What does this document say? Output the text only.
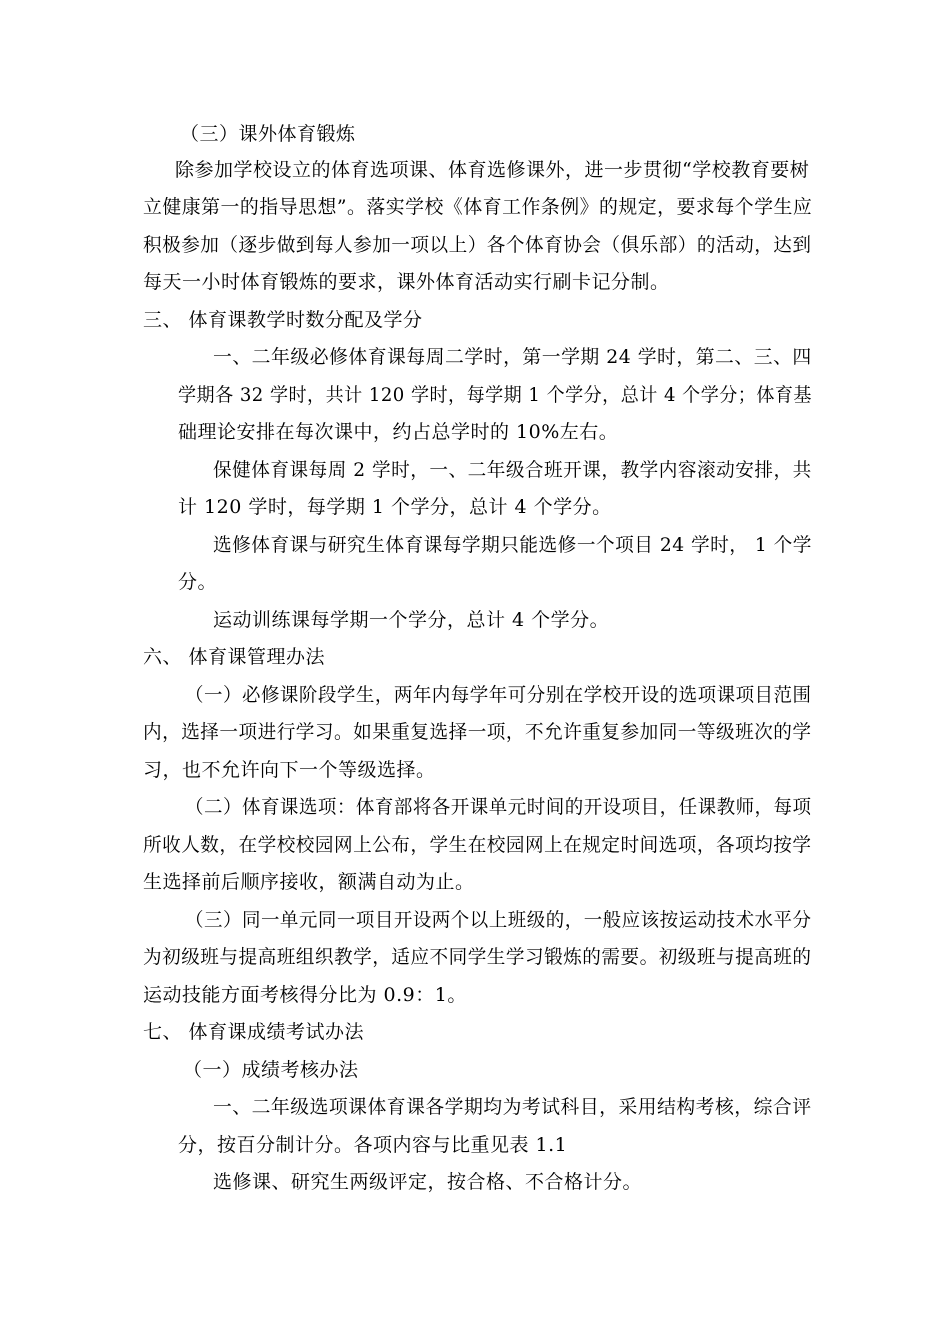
（三）课外体育锻炼
除参加学校设立的体育选项课、体育选修课外，进一步贯彻“学校教育要树
立健康第一的指导思想”。落实学校《体育工作条例》的规定，要求每个学生应
积极参加（逐步做到每人参加一项以上）各个体育协会（俱乐部）的活动，达到
每天一小时体育锻炼的要求，课外体育活动实行刷卡记分制。
三、 体育课教学时数分配及学分
一、二年级必修体育课每周二学时，第一学期 24 学时，第二、三、四
学期各 32 学时，共计 120 学时，每学期 1 个学分，总计 4 个学分；体育基
础理论安排在每次课中，约占总学时的 10%左右。
保健体育课每周 2 学时，一、二年级合班开课，教学内容滚动安排，共
计 120 学时，每学期 1 个学分，总计 4 个学分。
选修体育课与研究生体育课每学期只能选修一个项目 24 学时， 1 个学
分。
运动训练课每学期一个学分，总计 4 个学分。
六、 体育课管理办法
（一）必修课阶段学生，两年内每学年可分别在学校开设的选项课项目范围
内，选择一项进行学习。如果重复选择一项，不允许重复参加同一等级班次的学
习，也不允许向下一个等级选择。
（二）体育课选项：体育部将各开课单元时间的开设项目，任课教师，每项
所收人数，在学校校园网上公布，学生在校园网上在规定时间选项，各项均按学
生选择前后顺序接收，额满自动为止。
（三）同一单元同一项目开设两个以上班级的，一般应该按运动技术水平分
为初级班与提高班组织教学，适应不同学生学习锻炼的需要。初级班与提高班的
运动技能方面考核得分比为 0.9：1。
七、 体育课成绩考试办法
（一）成绩考核办法
一、二年级选项课体育课各学期均为考试科目，采用结构考核，综合评
分，按百分制计分。各项内容与比重见表 1.1
选修课、研究生两级评定，按合格、不合格计分。
